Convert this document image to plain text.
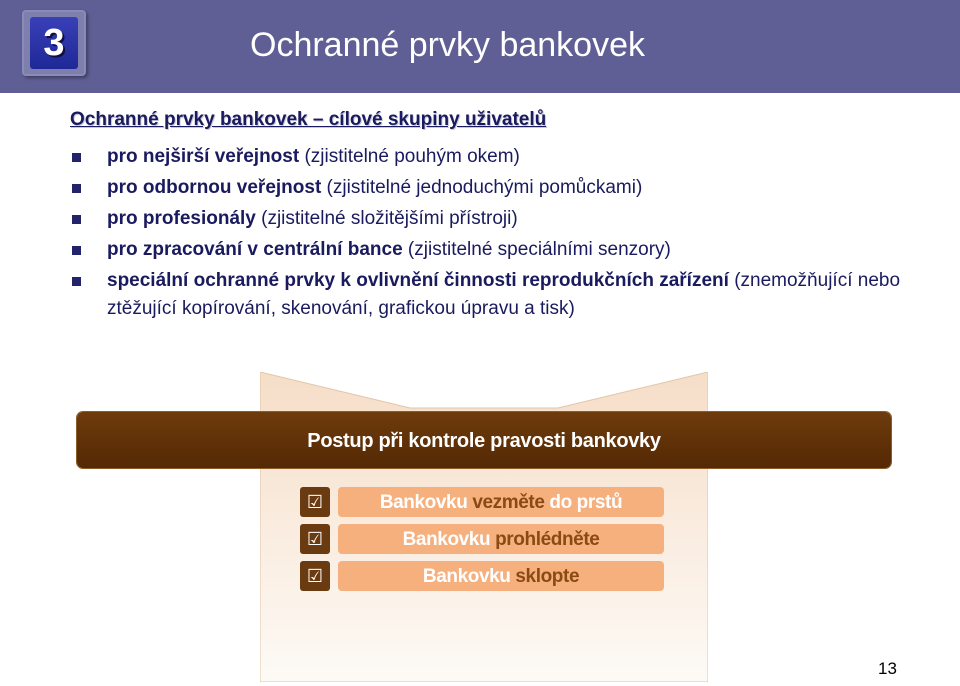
3	Ochranné prvky bankovek
Ochranné prvky bankovek – cílové skupiny uživatelů
pro nejširší veřejnost (zjistitelné pouhým okem)
pro odbornou veřejnost (zjistitelné jednoduchými pomůckami)
pro profesionály (zjistitelné složitějšími přístroji)
pro zpracování v centrální bance (zjistitelné speciálními senzory)
speciální ochranné prvky k ovlivnění činnosti reprodukčních zařízení (znemožňující nebo ztěžující kopírování, skenování, grafickou úpravu a tisk)
Postup při kontrole pravosti bankovky
☑	Bankovku vezměte do prstů
☑	Bankovku prohlédněte
☑	Bankovku sklopte
13
